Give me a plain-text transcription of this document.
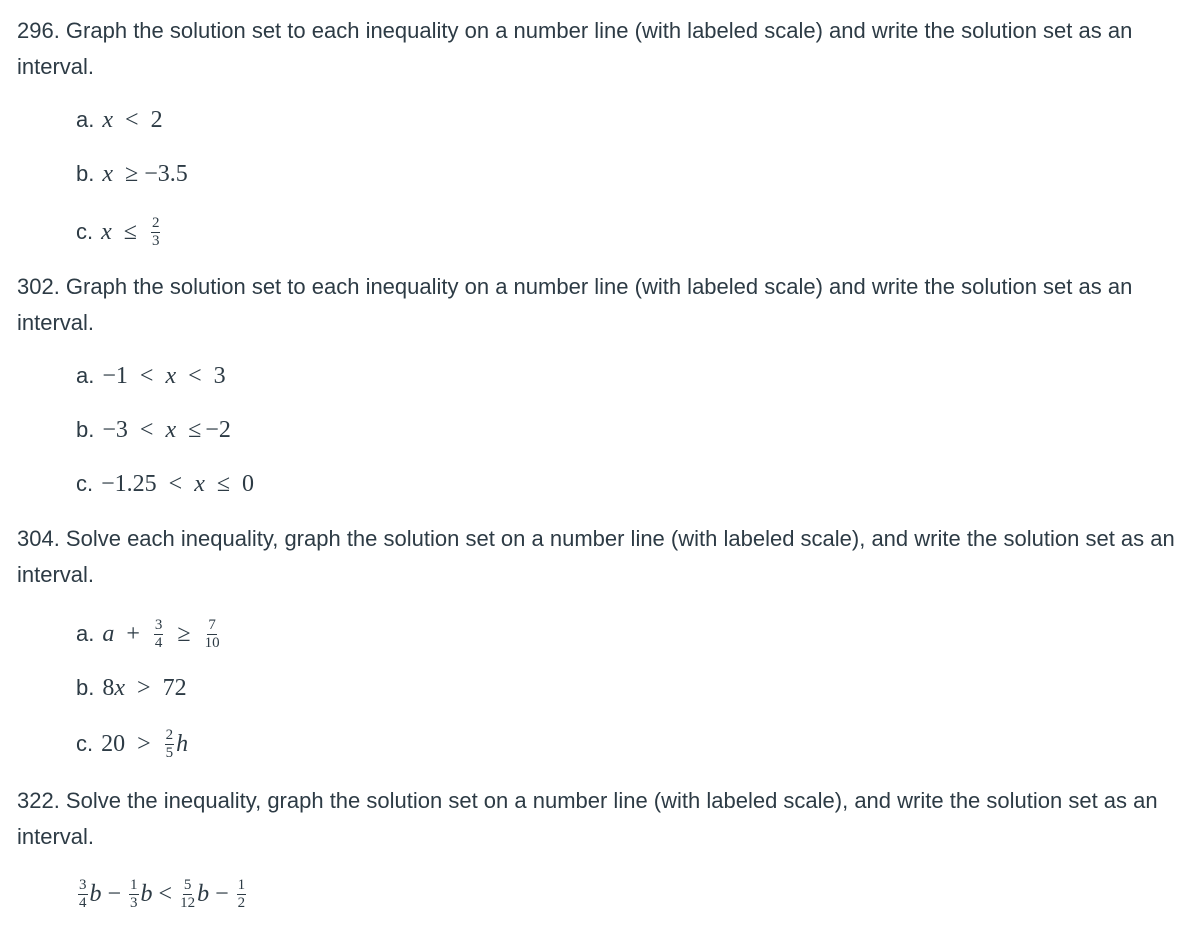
296. Graph the solution set to each inequality on a number line (with labeled scale) and write the solution set as an interval.
a. x < 2
b. x ≥ −3.5
c. $x \le \frac{2}{3}$
302. Graph the solution set to each inequality on a number line (with labeled scale) and write the solution set as an interval.
a. −1 < x < 3
b. −3 < x ≤ −2
c. −1.25 < x ≤ 0
304. Solve each inequality, graph the solution set on a number line (with labeled scale), and write the solution set as an interval.
a. $a + \frac{3}{4} \ge \frac{7}{10}$
b. 8 x > 72
c. $20 > \frac{2}{5}$ h
322. Solve the inequality, graph the solution set on a number line (with labeled scale), and write the solution set as an interval.
$\frac{3}{4}$ $b - \frac{1}{3}$ $b < \frac{5}{12}$ $b - \frac{1}{2}$
